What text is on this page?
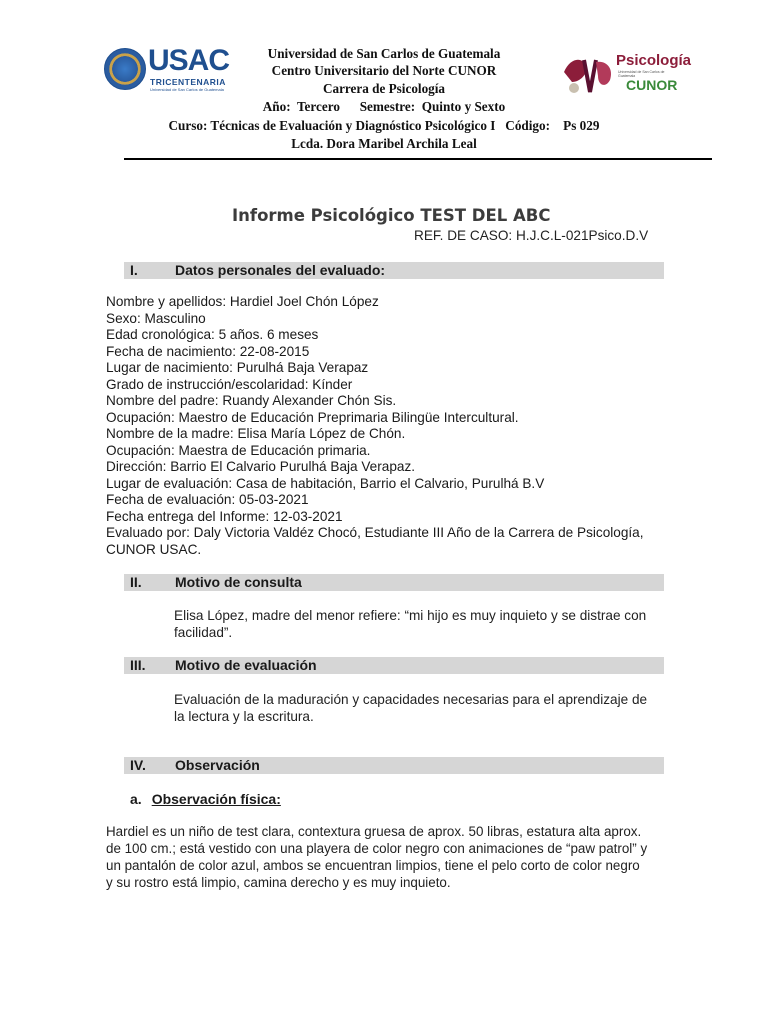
USAC
TRICENTENARIA
Universidad de San Carlos de Guatemala
Psicología
Universidad de San Carlos de Guatemala
CUNOR
Universidad de San Carlos de Guatemala
Centro Universitario del Norte CUNOR
Carrera de Psicología
Año:  Tercero      Semestre:  Quinto y Sexto
Curso: Técnicas de Evaluación y Diagnóstico Psicológico I   Código:    Ps 029
Lcda. Dora Maribel Archila Leal
Informe Psicológico TEST DEL ABC
REF. DE CASO: H.J.C.L-021Psico.D.V
I.	Datos personales del evaluado:
Nombre y apellidos: Hardiel Joel Chón López
Sexo: Masculino
Edad cronológica: 5 años. 6 meses
Fecha de nacimiento: 22-08-2015
Lugar de nacimiento: Purulhá Baja Verapaz
Grado de instrucción/escolaridad: Kínder
Nombre del padre: Ruandy Alexander Chón Sis.
Ocupación: Maestro de Educación Preprimaria Bilingüe Intercultural.
Nombre de la madre: Elisa María López de Chón.
Ocupación: Maestra de Educación primaria.
Dirección: Barrio El Calvario Purulhá Baja Verapaz.
Lugar de evaluación: Casa de habitación, Barrio el Calvario, Purulhá B.V
Fecha de evaluación: 05-03-2021
Fecha entrega del Informe: 12-03-2021
Evaluado por: Daly Victoria Valdéz Chocó, Estudiante III Año de la Carrera de Psicología,
CUNOR USAC.
II. Motivo de consulta
Elisa López, madre del menor refiere: “mi hijo es muy inquieto y se distrae con
facilidad”.
III. Motivo de evaluación
Evaluación de la maduración y capacidades necesarias para el aprendizaje de
la lectura y la escritura.
IV. Observación
a. Observación física:
Hardiel es un niño de test clara, contextura gruesa de aprox. 50 libras, estatura alta aprox.
de 100 cm.; está vestido con una playera de color negro con animaciones de “paw patrol” y
un pantalón de color azul, ambos se encuentran limpios, tiene el pelo corto de color negro
y su rostro está limpio, camina derecho y es muy inquieto.
